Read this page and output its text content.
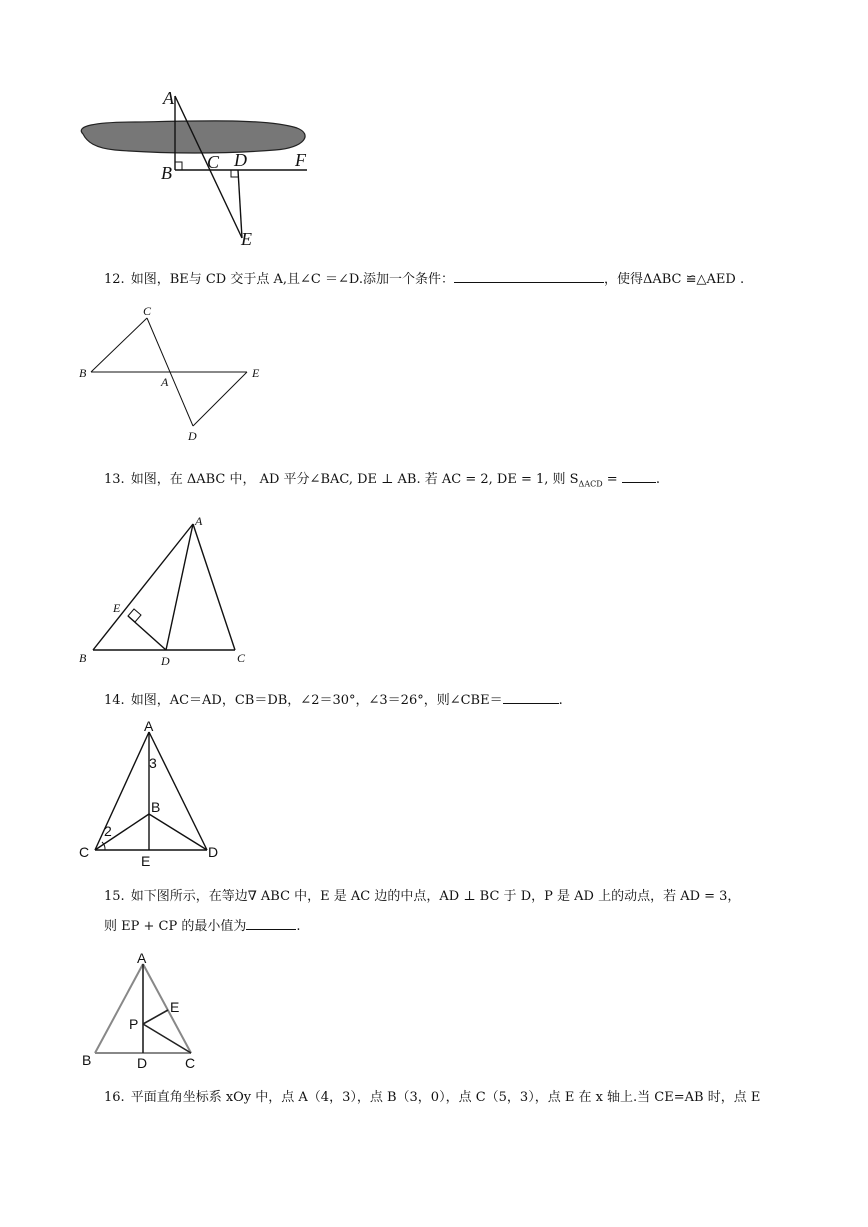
A
B
C D	F
E
12. 如图，BE与 CD 交于点 A,且∠C ＝∠D.添加一个条件：	，使得ΔABC ≌△AED .
C
B
A
E
D
13. 如图，在 ΔABC 中， AD 平分∠BAC, DE ⊥ AB. 若 AC = 2, DE = 1, 则 $S_{\Delta ACD}$ =	.
A
E
B	D	C
14. 如图，AC＝AD，CB＝DB，∠2＝30°，∠3＝26°，则∠CBE＝	.
A
3
B
2
C
E
D
15. 如下图所示，在等边∇ ABC 中，E 是 AC 边的中点，AD ⊥ BC 于 D，P 是 AD 上的动点，若 AD = 3，
则 EP + CP 的最小值为	.
A
E
P
B	D	C
16. 平面直角坐标系 xOy 中，点 A（4，3），点 B（3，0），点 C（5，3），点 E 在 x 轴上.当 CE=AB 时，点 E
